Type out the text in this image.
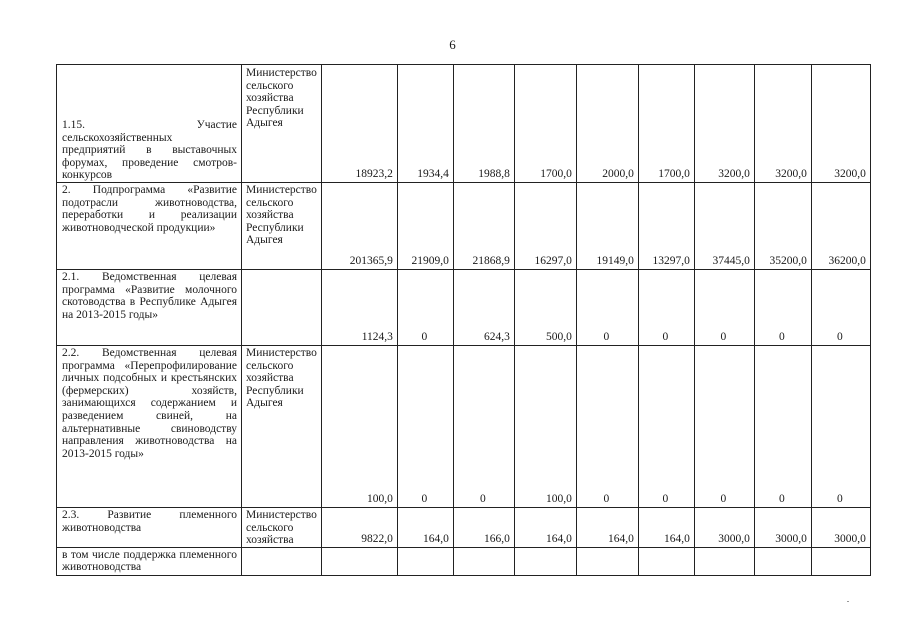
6
1.15. Участие сельскохозяйственных предприятий в выставочных форумах, проведение смотров-конкурсов	Министерство сельского хозяйства Республики Адыгея	18923,2	1934,4	1988,8	1700,0	2000,0	1700,0	3200,0	3200,0	3200,0
2. Подпрограмма «Развитие подотрасли животноводства, переработки и реализации животноводческой продукции»	Министерство сельского хозяйства Республики Адыгея	201365,9	21909,0	21868,9	16297,0	19149,0	13297,0	37445,0	35200,0	36200,0
2.1. Ведомственная целевая программа «Развитие молочного скотоводства в Республике Адыгея на 2013-2015 годы»		1124,3	0	624,3	500,0	0	0	0	0	0
2.2. Ведомственная целевая программа «Перепрофилирование личных подсобных и крестьянских (фермерских) хозяйств, занимающихся содержанием и разведением свиней, на альтернативные свиноводству направления животноводства на 2013-2015 годы»	Министерство сельского хозяйства Республики Адыгея	100,0	0	0	100,0	0	0	0	0	0
2.3. Развитие племенного животноводства	Министерство сельского хозяйства	9822,0	164,0	166,0	164,0	164,0	164,0	3000,0	3000,0	3000,0
в том числе поддержка племенного животноводства										
